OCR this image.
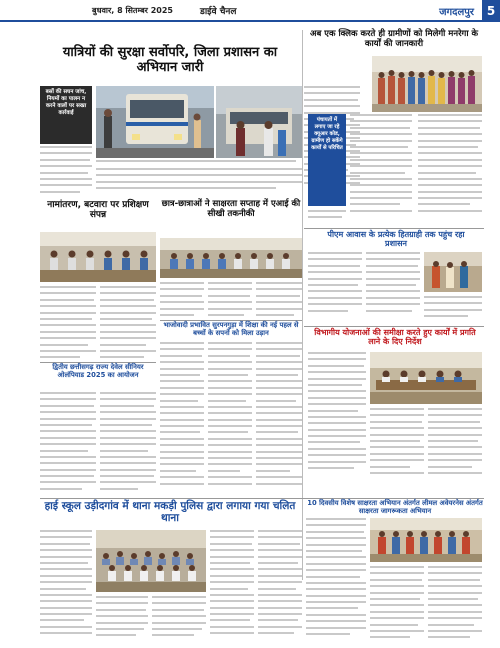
बुधवार, 8 सितम्बर 2025	डाईवे चैनल	जगदलपुर	5
यात्रियों की सुरक्षा सर्वोपरि, जिला प्रशासन का अभियान जारी
बसों की सघन जांच, नियमों का पालन न करने वालों पर सख्त कार्रवाई
अब एक क्लिक करते ही ग्रामीणों को मिलेगी मनरेगा के कार्यों की जानकारी
पंचायतों में लगाए जा रहे क्यूआर कोड, ग्रामीण हो सकेंगे कार्यों से परिचित
पीएम आवास के प्रत्येक हितग्राही तक पहुंच रहा प्रशासन
विभागीय योजनाओं की समीक्षा करते हुए कार्यों में प्रगति लाने के दिए निर्देश
नामांतरण, बटवारा पर प्रशिक्षण संपन्न
द्वितीय छत्तीसगढ़ राज्य देवेल सीनियर ओलंपियाड 2025 का आयोजन
छात्र-छात्राओं ने साक्षरता सप्ताह में एआई की सीखी तकनीकी
भाजोवादी प्रभावित सुरपनगुड़ा में शिक्षा की नई पहल से बच्चों के सपनों को मिला उड़ान
हाई स्कूल उड़ीदगांव में थाना मकड़ी पुलिस द्वारा लगाया गया चलित थाना
10 दिवसीय विशेष साक्षरता अभियान अंतर्गत लीमल अवेयरनेस अंतर्गत साक्षरता जागरूकता अभियान
